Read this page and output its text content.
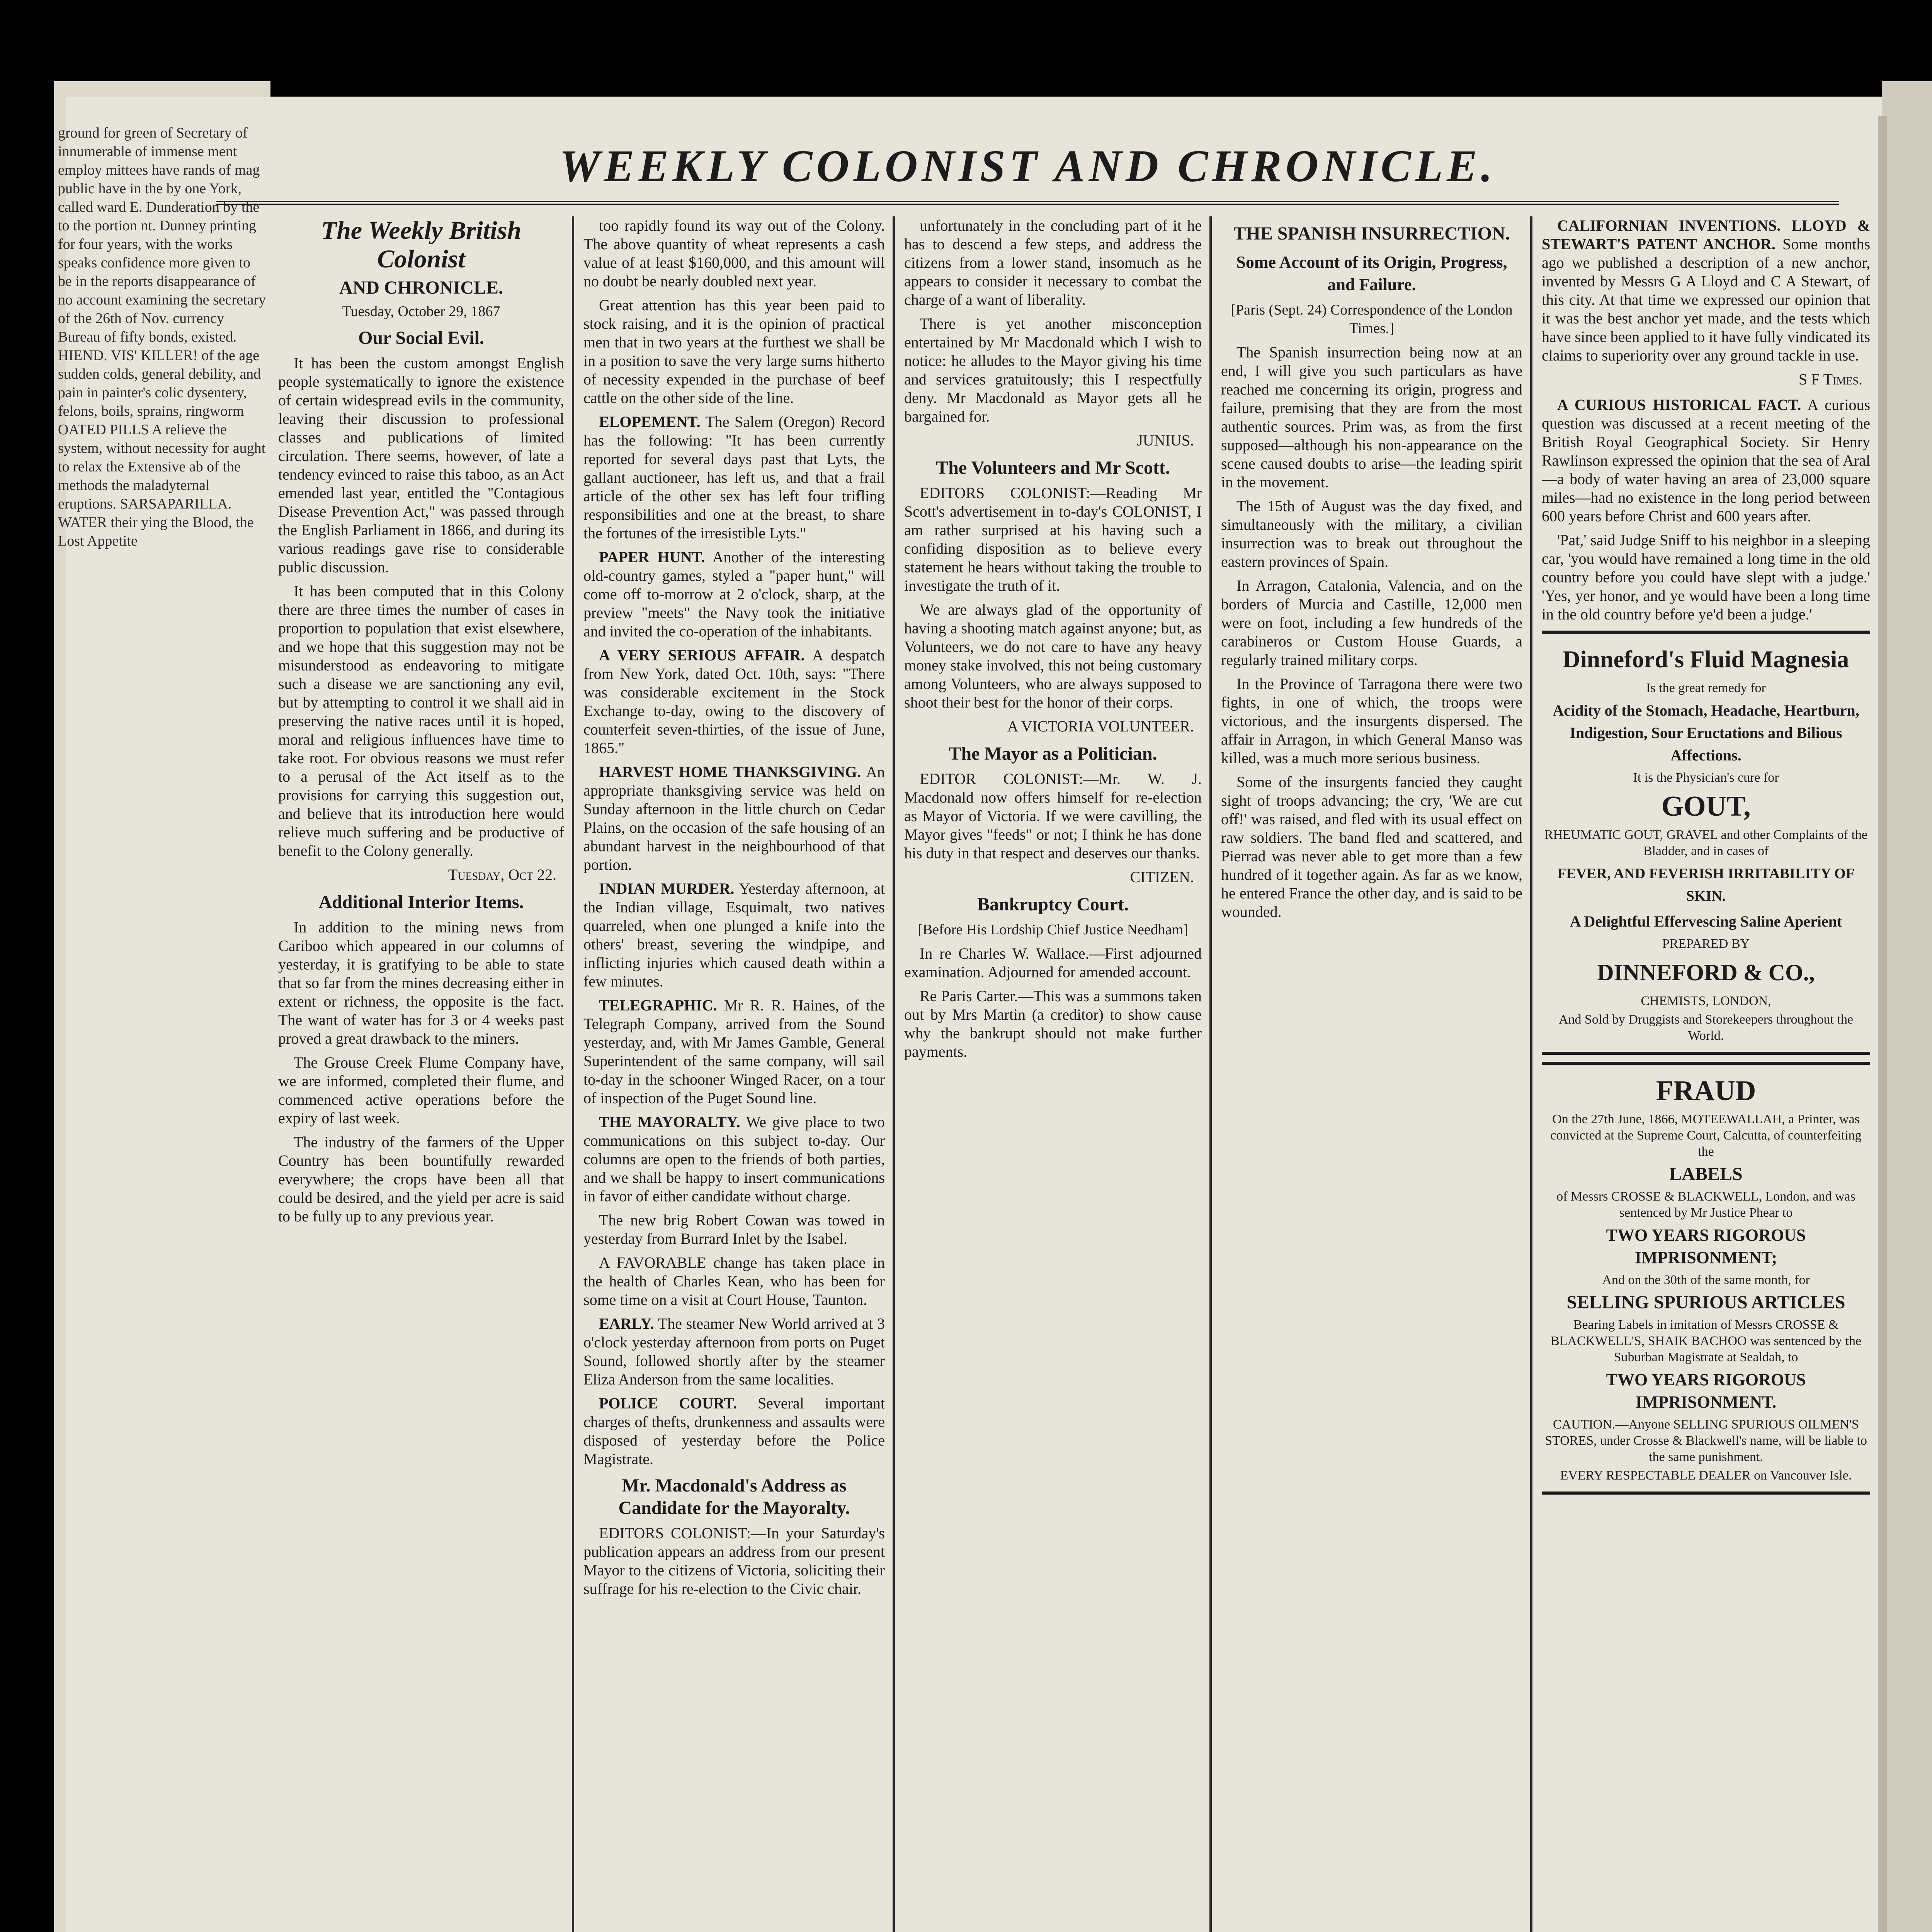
ground for green of Secretary of innumerable of immense ment employ mittees have rands of mag public have in the by one York, called ward E. Dunderation by the to the portion nt. Dunney printing for four years, with the works speaks confidence more given to be in the reports disappearance of no account examining the secretary of the 26th of Nov. currency Bureau of fifty bonds, existed. HIEND. VIS' KILLER! of the age sudden colds, general debility, and pain in painter's colic dysentery, felons, boils, sprains, ringworm OATED PILLS A relieve the system, without necessity for aught to relax the Extensive ab of the methods the maladyternal eruptions. SARSAPARILLA. WATER their ying the Blood, the Lost Appetite
WEEKLY COLONIST AND CHRONICLE.
The Weekly British Colonist
AND CHRONICLE.
Tuesday, October 29, 1867
Our Social Evil.

It has been the custom amongst English people systematically to ignore the existence of certain widespread evils in the community, leaving their discussion to professional classes and publications of limited circulation. There seems, however, of late a tendency evinced to raise this taboo, as an Act emended last year, entitled the "Contagious Disease Prevention Act," was passed through the English Parliament in 1866, and during its various readings gave rise to considerable public discussion.

It has been computed that in this Colony there are three times the number of cases in proportion to population that exist elsewhere, and we hope that this suggestion may not be misunderstood as endeavoring to mitigate such a disease we are sanctioning any evil, but by attempting to control it we shall aid in preserving the native races until it is hoped, moral and religious influences have time to take root. For obvious reasons we must refer to a perusal of the Act itself as to the provisions for carrying this suggestion out, and believe that its introduction here would relieve much suffering and be productive of benefit to the Colony generally.

Tuesday, Oct 22.
Additional Interior Items.

In addition to the mining news from Cariboo which appeared in our columns of yesterday, it is gratifying to be able to state that so far from the mines decreasing either in extent or richness, the opposite is the fact. The want of water has for 3 or 4 weeks past proved a great drawback to the miners.

The Grouse Creek Flume Company have, we are informed, completed their flume, and commenced active operations before the expiry of last week.

The industry of the farmers of the Upper Country has been bountifully rewarded everywhere; the crops have been all that could be desired, and the yield per acre is said to be fully up to any previous year.

too rapidly found its way out of the Colony. The above quantity of wheat represents a cash value of at least $160,000, and this amount will no doubt be nearly doubled next year.

Great attention has this year been paid to stock raising, and it is the opinion of practical men that in two years at the furthest we shall be in a position to save the very large sums hitherto of necessity expended in the purchase of beef cattle on the other side of the line.

ELOPEMENT. The Salem (Oregon) Record has the following: "It has been currently reported for several days past that Lyts, the gallant auctioneer, has left us, and that a frail article of the other sex has left four trifling responsibilities and one at the breast, to share the fortunes of the irresistible Lyts."

PAPER HUNT. Another of the interesting old-country games, styled a "paper hunt," will come off to-morrow at 2 o'clock, sharp, at the preview "meets" the Navy took the initiative and invited the co-operation of the inhabitants.

A VERY SERIOUS AFFAIR. A despatch from New York, dated Oct. 10th, says: "There was considerable excitement in the Stock Exchange to-day, owing to the discovery of counterfeit seven-thirties, of the issue of June, 1865."

HARVEST HOME THANKSGIVING. An appropriate thanksgiving service was held on Sunday afternoon in the little church on Cedar Plains, on the occasion of the safe housing of an abundant harvest in the neighbourhood of that portion.

INDIAN MURDER. Yesterday afternoon, at the Indian village, Esquimalt, two natives quarreled, when one plunged a knife into the others' breast, severing the windpipe, and inflicting injuries which caused death within a few minutes.

TELEGRAPHIC. Mr R. R. Haines, of the Telegraph Company, arrived from the Sound yesterday, and, with Mr James Gamble, General Superintendent of the same company, will sail to-day in the schooner Winged Racer, on a tour of inspection of the Puget Sound line.

THE MAYORALTY. We give place to two communications on this subject to-day. Our columns are open to the friends of both parties, and we shall be happy to insert communications in favor of either candidate without charge.

The new brig Robert Cowan was towed in yesterday from Burrard Inlet by the Isabel.

A FAVORABLE change has taken place in the health of Charles Kean, who has been for some time on a visit at Court House, Taunton.

EARLY. The steamer New World arrived at 3 o'clock yesterday afternoon from ports on Puget Sound, followed shortly after by the steamer Eliza Anderson from the same localities.

POLICE COURT. Several important charges of thefts, drunkenness and assaults were disposed of yesterday before the Police Magistrate.

Mr. Macdonald's Address as Candidate for the Mayoralty.

EDITORS COLONIST:—In your Saturday's publication appears an address from our present Mayor to the citizens of Victoria, soliciting their suffrage for his re-election to the Civic chair.

unfortunately in the concluding part of it he has to descend a few steps, and address the citizens from a lower stand, insomuch as he appears to consider it necessary to combat the charge of a want of liberality.

There is yet another misconception entertained by Mr Macdonald which I wish to notice: he alludes to the Mayor giving his time and services gratuitously; this I respectfully deny. Mr Macdonald as Mayor gets all he bargained for.

JUNIUS.
The Volunteers and Mr Scott.

EDITORS COLONIST:—Reading Mr Scott's advertisement in to-day's COLONIST, I am rather surprised at his having such a confiding disposition as to believe every statement he hears without taking the trouble to investigate the truth of it.

We are always glad of the opportunity of having a shooting match against anyone; but, as Volunteers, we do not care to have any heavy money stake involved, this not being customary among Volunteers, who are always supposed to shoot their best for the honor of their corps.

A VICTORIA VOLUNTEER.
The Mayor as a Politician.

EDITOR COLONIST:—Mr. W. J. Macdonald now offers himself for re-election as Mayor of Victoria. If we were cavilling, the Mayor gives "feeds" or not; I think he has done his duty in that respect and deserves our thanks.

CITIZEN.
Bankruptcy Court.
[Before His Lordship Chief Justice Needham]

In re Charles W. Wallace.—First adjourned examination. Adjourned for amended account.

Re Paris Carter.—This was a summons taken out by Mrs Martin (a creditor) to show cause why the bankrupt should not make further payments.

THE SPANISH INSURRECTION.
Some Account of its Origin, Progress, and Failure.
[Paris (Sept. 24) Correspondence of the London Times.]

The Spanish insurrection being now at an end, I will give you such particulars as have reached me concerning its origin, progress and failure, premising that they are from the most authentic sources. Prim was, as from the first supposed—although his non-appearance on the scene caused doubts to arise—the leading spirit in the movement.

The 15th of August was the day fixed, and simultaneously with the military, a civilian insurrection was to break out throughout the eastern provinces of Spain.

In Arragon, Catalonia, Valencia, and on the borders of Murcia and Castille, 12,000 men were on foot, including a few hundreds of the carabineros or Custom House Guards, a regularly trained military corps.

In the Province of Tarragona there were two fights, in one of which, the troops were victorious, and the insurgents dispersed. The affair in Arragon, in which General Manso was killed, was a much more serious business.

Some of the insurgents fancied they caught sight of troops advancing; the cry, 'We are cut off!' was raised, and fled with its usual effect on raw soldiers. The band fled and scattered, and Pierrad was never able to get more than a few hundred of it together again. As far as we know, he entered France the other day, and is said to be wounded.

CALIFORNIAN INVENTIONS. LLOYD & STEWART'S PATENT ANCHOR. Some months ago we published a description of a new anchor, invented by Messrs G A Lloyd and C A Stewart, of this city. At that time we expressed our opinion that it was the best anchor yet made, and the tests which have since been applied to it have fully vindicated its claims to superiority over any ground tackle in use.

S F Times.

A CURIOUS HISTORICAL FACT. A curious question was discussed at a recent meeting of the British Royal Geographical Society. Sir Henry Rawlinson expressed the opinion that the sea of Aral—a body of water having an area of 23,000 square miles—had no existence in the long period between 600 years before Christ and 600 years after.

'Pat,' said Judge Sniff to his neighbor in a sleeping car, 'you would have remained a long time in the old country before you could have slept with a judge.' 'Yes, yer honor, and ye would have been a long time in the old country before ye'd been a judge.'

Dinneford's Fluid Magnesia
Is the great remedy for
Acidity of the Stomach, Headache, Heartburn, Indigestion, Sour Eructations and Bilious Affections.
It is the Physician's cure for
GOUT,
RHEUMATIC GOUT, GRAVEL and other Complaints of the Bladder, and in cases of
FEVER, AND FEVERISH IRRITABILITY OF SKIN.
A Delightful Effervescing Saline Aperient
PREPARED BY
DINNEFORD & CO.,
CHEMISTS, LONDON,
And Sold by Druggists and Storekeepers throughout the World.
FRAUD
On the 27th June, 1866, MOTEEWALLAH, a Printer, was convicted at the Supreme Court, Calcutta, of counterfeiting the
LABELS
of Messrs CROSSE & BLACKWELL, London, and was sentenced by Mr Justice Phear to
TWO YEARS RIGOROUS IMPRISONMENT;
And on the 30th of the same month, for
SELLING SPURIOUS ARTICLES
Bearing Labels in imitation of Messrs CROSSE & BLACKWELL'S, SHAIK BACHOO was sentenced by the Suburban Magistrate at Sealdah, to
TWO YEARS RIGOROUS IMPRISONMENT.
CAUTION.—Anyone SELLING SPURIOUS OILMEN'S STORES, under Crosse & Blackwell's name, will be liable to the same punishment.
EVERY RESPECTABLE DEALER on Vancouver Isle.
